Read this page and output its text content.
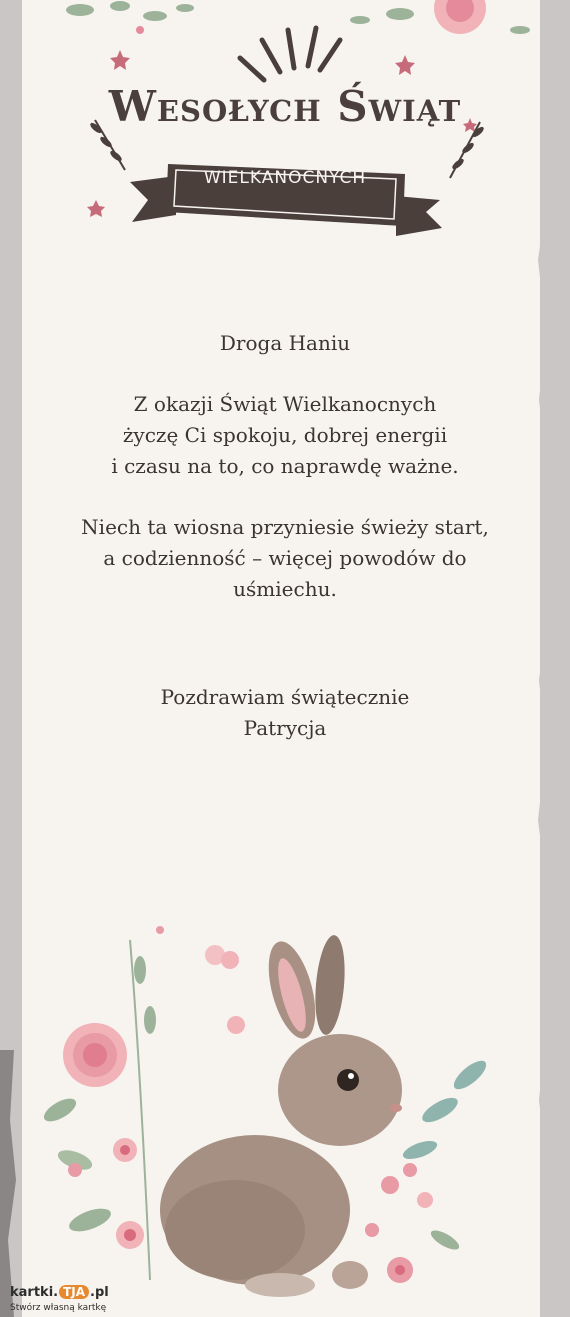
Wesołych Świąt
WIELKANOCNYCH

Droga Haniu

Z okazji Świąt Wielkanocnych

życzę Ci spokoju, dobrej energii

i czasu na to, co naprawdę ważne.

Niech ta wiosna przyniesie świeży start,

a codzienność – więcej powodów do

uśmiechu.

Pozdrawiam świątecznie

Patrycja

kartki. TJA .pl
Stwórz własną kartkę
